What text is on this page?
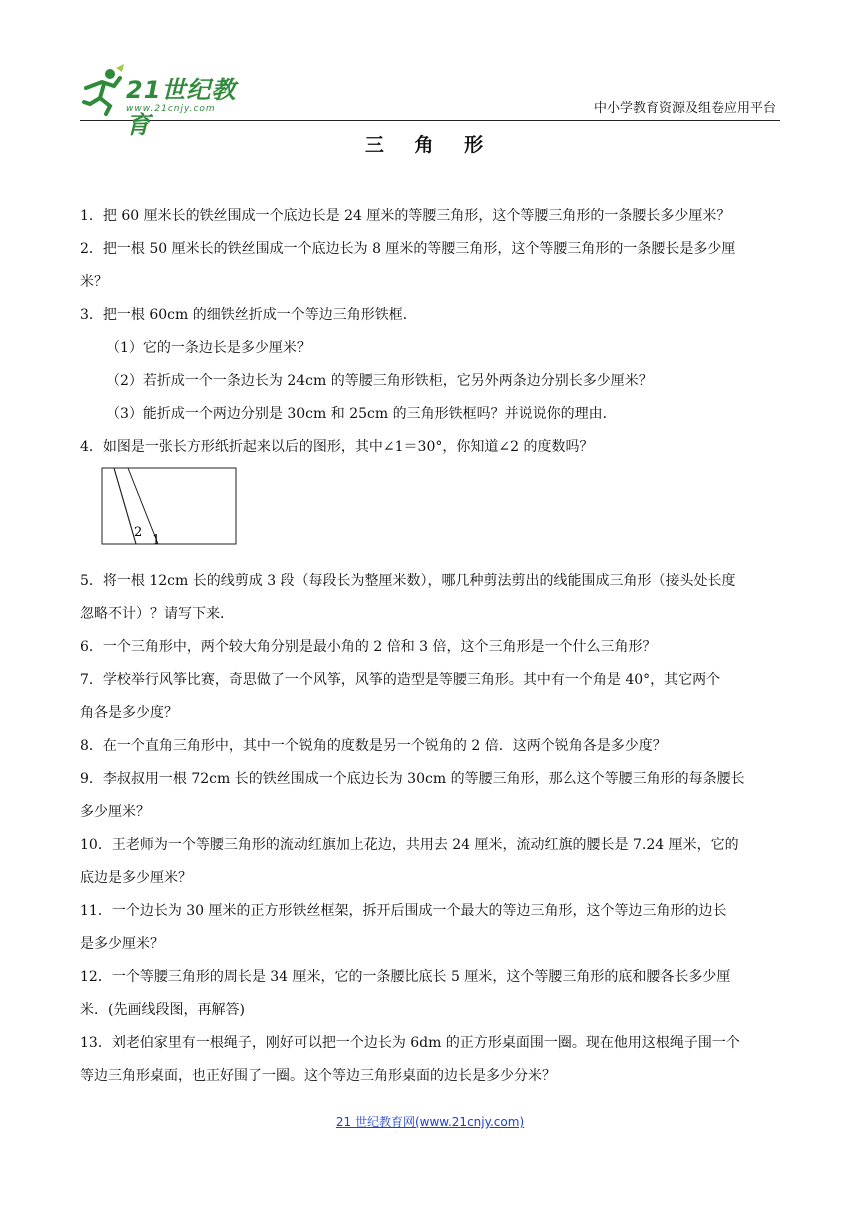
21世纪教育
www.21cnjy.com	中小学教育资源及组卷应用平台
三 角 形

1．把 60 厘米长的铁丝围成一个底边长是 24 厘米的等腰三角形，这个等腰三角形的一条腰长多少厘米？

2．把一根 50 厘米长的铁丝围成一个底边长为 8 厘米的等腰三角形，这个等腰三角形的一条腰长是多少厘

米？

3．把一根 60cm 的细铁丝折成一个等边三角形铁框．

（1）它的一条边长是多少厘米？

（2）若折成一个一条边长为 24cm 的等腰三角形铁柜，它另外两条边分别长多少厘米？

（3）能折成一个两边分别是 30cm 和 25cm 的三角形铁框吗？并说说你的理由．

4．如图是一张长方形纸折起来以后的图形，其中∠1＝30°，你知道∠2 的度数吗？

2
1

5．将一根 12cm 长的线剪成 3 段（每段长为整厘米数），哪几种剪法剪出的线能围成三角形（接头处长度

忽略不计）？请写下来．

6．一个三角形中，两个较大角分别是最小角的 2 倍和 3 倍，这个三角形是一个什么三角形？

7．学校举行风筝比赛，奇思做了一个风筝，风筝的造型是等腰三角形。其中有一个角是 40°，其它两个

角各是多少度？

8．在一个直角三角形中，其中一个锐角的度数是另一个锐角的 2 倍．这两个锐角各是多少度？

9．李叔叔用一根 72cm 长的铁丝围成一个底边长为 30cm 的等腰三角形，那么这个等腰三角形的每条腰长

多少厘米？

10．王老师为一个等腰三角形的流动红旗加上花边，共用去 24 厘米，流动红旗的腰长是 7.24 厘米，它的

底边是多少厘米？

11．一个边长为 30 厘米的正方形铁丝框架，拆开后围成一个最大的等边三角形，这个等边三角形的边长

是多少厘米？

12．一个等腰三角形的周长是 34 厘米，它的一条腰比底长 5 厘米，这个等腰三角形的底和腰各长多少厘

米．(先画线段图，再解答)

13．刘老伯家里有一根绳子，刚好可以把一个边长为 6dm 的正方形桌面围一圈。现在他用这根绳子围一个

等边三角形桌面，也正好围了一圈。这个等边三角形桌面的边长是多少分米？

21 世纪教育网(www.21cnjy.com)
